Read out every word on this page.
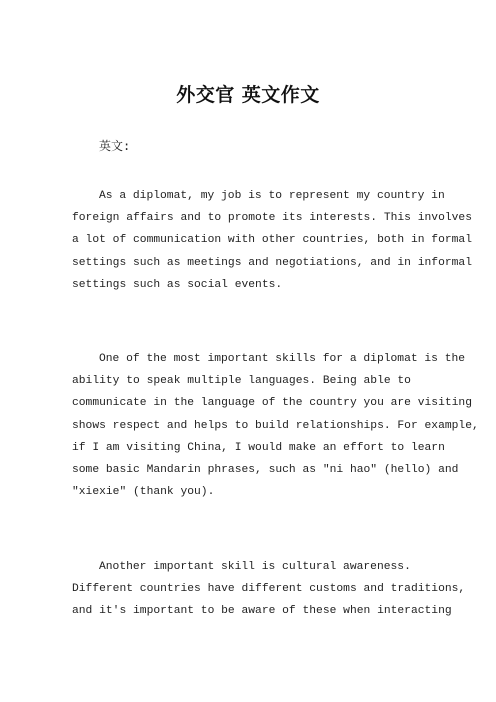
外交官 英文作文
英文:
As a diplomat, my job is to represent my country in
foreign affairs and to promote its interests. This involves
a lot of communication with other countries, both in formal
settings such as meetings and negotiations, and in informal
settings such as social events.
One of the most important skills for a diplomat is the
ability to speak multiple languages. Being able to
communicate in the language of the country you are visiting
shows respect and helps to build relationships. For example,
if I am visiting China, I would make an effort to learn
some basic Mandarin phrases, such as "ni hao" (hello) and
"xiexie" (thank you).
Another important skill is cultural awareness.
Different countries have different customs and traditions,
and it's important to be aware of these when interacting
